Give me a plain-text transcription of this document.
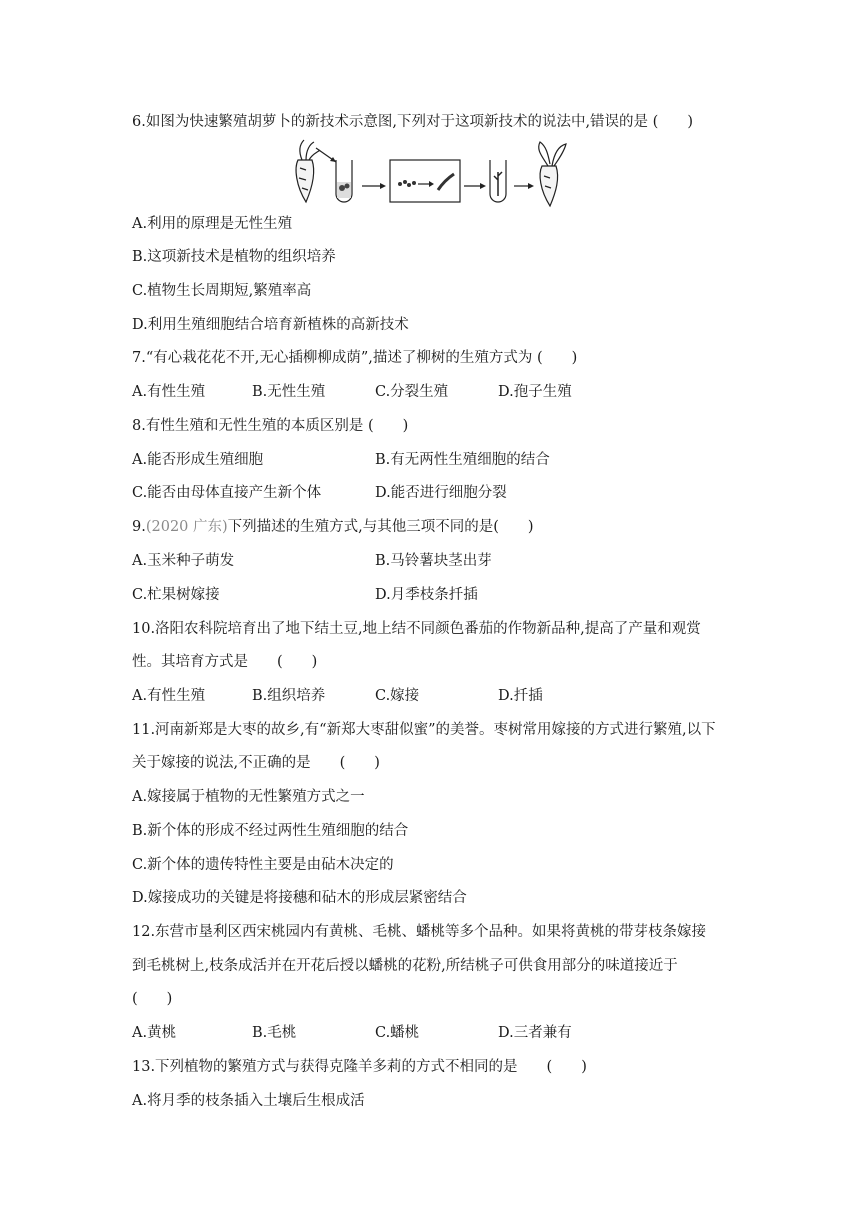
6.如图为快速繁殖胡萝卜的新技术示意图,下列对于这项新技术的说法中,错误的是 (　　)
A.利用的原理是无性生殖
B.这项新技术是植物的组织培养
C.植物生长周期短,繁殖率高
D.利用生殖细胞结合培育新植株的高新技术
7.“有心栽花花不开,无心插柳柳成荫”,描述了柳树的生殖方式为 (　　)
A.有性生殖	B.无性生殖	C.分裂生殖	D.孢子生殖
8.有性生殖和无性生殖的本质区别是 (　　)
A.能否形成生殖细胞	B.有无两性生殖细胞的结合
C.能否由母体直接产生新个体	D.能否进行细胞分裂
9.(2020 广东)下列描述的生殖方式,与其他三项不同的是(　　)
A.玉米种子萌发	B.马铃薯块茎出芽
C.杧果树嫁接	D.月季枝条扦插
10.洛阳农科院培育出了地下结土豆,地上结不同颜色番茄的作物新品种,提高了产量和观赏
性。其培育方式是　　(　　)
A.有性生殖	B.组织培养	C.嫁接	D.扦插
11.河南新郑是大枣的故乡,有“新郑大枣甜似蜜”的美誉。枣树常用嫁接的方式进行繁殖,以下
关于嫁接的说法,不正确的是　　(　　)
A.嫁接属于植物的无性繁殖方式之一
B.新个体的形成不经过两性生殖细胞的结合
C.新个体的遗传特性主要是由砧木决定的
D.嫁接成功的关键是将接穗和砧木的形成层紧密结合
12.东营市垦利区西宋桃园内有黄桃、毛桃、蟠桃等多个品种。如果将黄桃的带芽枝条嫁接
到毛桃树上,枝条成活并在开花后授以蟠桃的花粉,所结桃子可供食用部分的味道接近于
(　　)
A.黄桃	B.毛桃	C.蟠桃	D.三者兼有
13.下列植物的繁殖方式与获得克隆羊多莉的方式不相同的是　　(　　)
A.将月季的枝条插入土壤后生根成活
